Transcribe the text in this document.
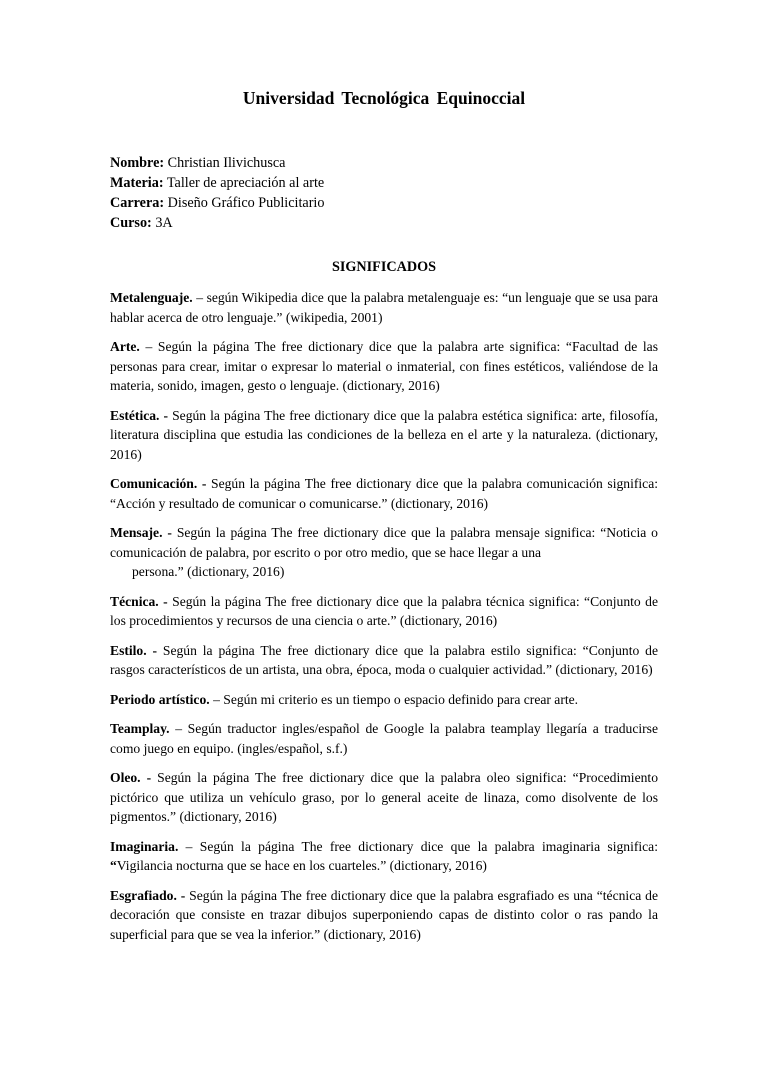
Universidad Tecnológica Equinoccial
Nombre: Christian Ilivichusca
Materia: Taller de apreciación al arte
Carrera: Diseño Gráfico Publicitario
Curso: 3A
SIGNIFICADOS

Metalenguaje. – según Wikipedia dice que la palabra metalenguaje es: “un lenguaje que se usa para hablar acerca de otro lenguaje.” (wikipedia, 2001)

Arte. – Según la página The free dictionary dice que la palabra arte significa: “Facultad de las personas para crear, imitar o expresar lo material o inmaterial, con fines estéticos, valiéndose de la materia, sonido, imagen, gesto o lenguaje. (dictionary, 2016)

Estética. - Según la página The free dictionary dice que la palabra estética significa: arte, filosofía, literatura disciplina que estudia las condiciones de la belleza en el arte y la naturaleza. (dictionary, 2016)

Comunicación. - Según la página The free dictionary dice que la palabra comunicación significa: “Acción y resultado de comunicar o comunicarse.” (dictionary, 2016)

Mensaje. - Según la página The free dictionary dice que la palabra mensaje significa: “Noticia o comunicación de palabra, por escrito o por otro medio, que se hace llegar a una
persona.” (dictionary, 2016)

Técnica. - Según la página The free dictionary dice que la palabra técnica significa: “Conjunto de los procedimientos y recursos de una ciencia o arte.” (dictionary, 2016)

Estilo. - Según la página The free dictionary dice que la palabra estilo significa: “Conjunto de rasgos característicos de un artista, una obra, época, moda o cualquier actividad.” (dictionary, 2016)

Periodo artístico. – Según mi criterio es un tiempo o espacio definido para crear arte.

Teamplay. – Según traductor ingles/español de Google la palabra teamplay llegaría a traducirse como juego en equipo. (ingles/español, s.f.)

Oleo. - Según la página The free dictionary dice que la palabra oleo significa: “Procedimiento pictórico que utiliza un vehículo graso, por lo general aceite de linaza, como disolvente de los pigmentos.” (dictionary, 2016)

Imaginaria. – Según la página The free dictionary dice que la palabra imaginaria significa: “Vigilancia nocturna que se hace en los cuarteles.” (dictionary, 2016)

Esgrafiado. - Según la página The free dictionary dice que la palabra esgrafiado es una “técnica de decoración que consiste en trazar dibujos superponiendo capas de distinto color o ras pando la superficial para que se vea la inferior.” (dictionary, 2016)
